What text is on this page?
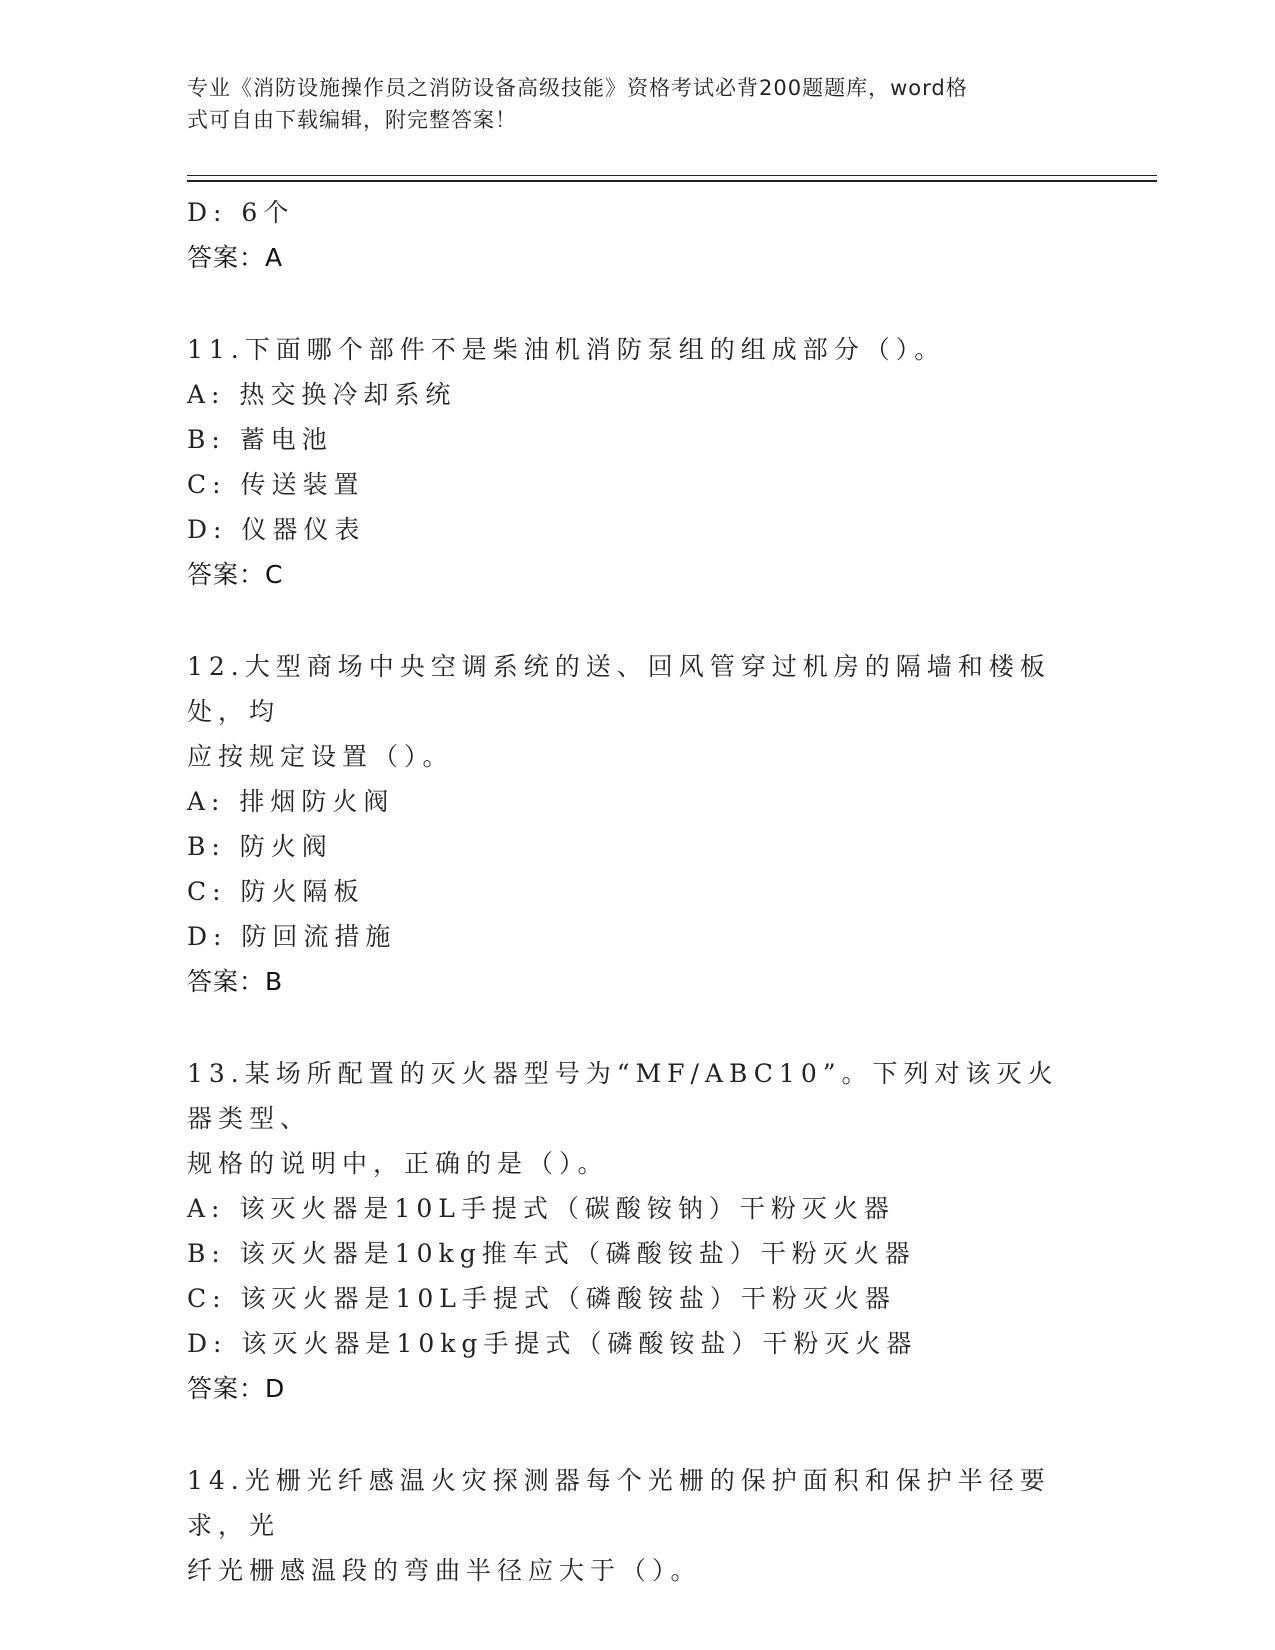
专业《消防设施操作员之消防设备高级技能》资格考试必背200题题库，word格
式可自由下载编辑，附完整答案！
D: 6个
答案：A
11.下面哪个部件不是柴油机消防泵组的组成部分（）。
A: 热交换冷却系统
B: 蓄电池
C: 传送装置
D: 仪器仪表
答案：C
12.大型商场中央空调系统的送、回风管穿过机房的隔墙和楼板处，均
应按规定设置（）。
A: 排烟防火阀
B: 防火阀
C: 防火隔板
D: 防回流措施
答案：B
13.某场所配置的灭火器型号为“MF/ABC10”。下列对该灭火器类型、
规格的说明中，正确的是（）。
A: 该灭火器是10L手提式（碳酸铵钠）干粉灭火器
B: 该灭火器是10kg推车式（磷酸铵盐）干粉灭火器
C: 该灭火器是10L手提式（磷酸铵盐）干粉灭火器
D: 该灭火器是10kg手提式（磷酸铵盐）干粉灭火器
答案：D
14.光栅光纤感温火灾探测器每个光栅的保护面积和保护半径要求，光
纤光栅感温段的弯曲半径应大于（）。
